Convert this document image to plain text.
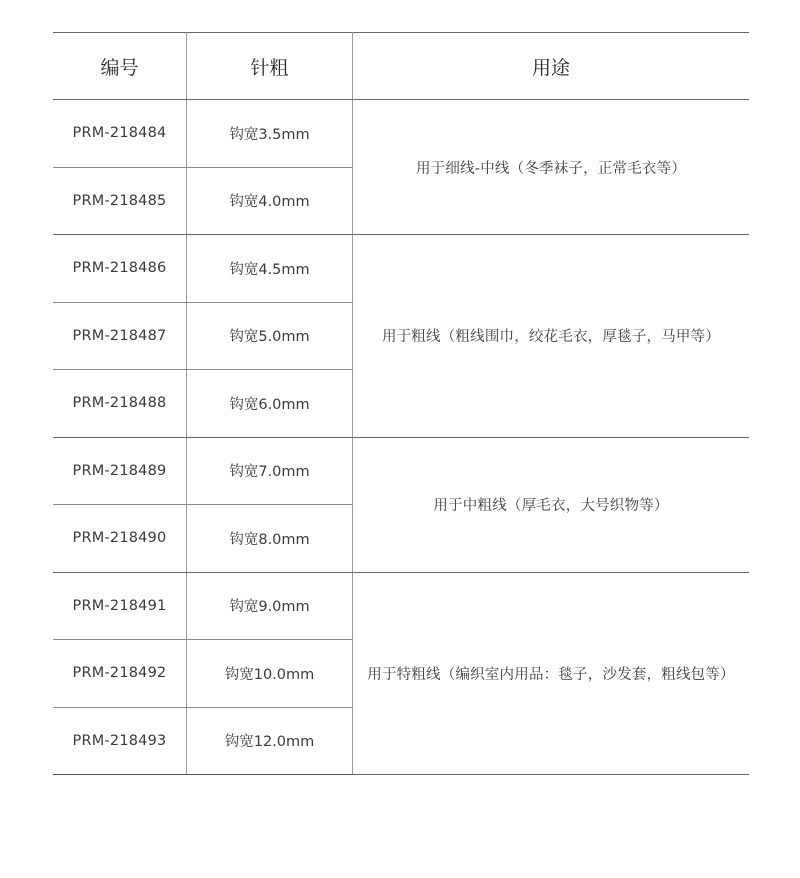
编号	针粗	用途
PRM-218484	钩宽3.5mm	用于细线-中线（冬季袜子，正常毛衣等）
PRM-218485	钩宽4.0mm	
PRM-218486	钩宽4.5mm	用于粗线（粗线围巾，绞花毛衣，厚毯子，马甲等）
PRM-218487	钩宽5.0mm	
PRM-218488	钩宽6.0mm	
PRM-218489	钩宽7.0mm	用于中粗线（厚毛衣，大号织物等）
PRM-218490	钩宽8.0mm	
PRM-218491	钩宽9.0mm	用于特粗线（编织室内用品：毯子，沙发套，粗线包等）
PRM-218492	钩宽10.0mm	
PRM-218493	钩宽12.0mm	
